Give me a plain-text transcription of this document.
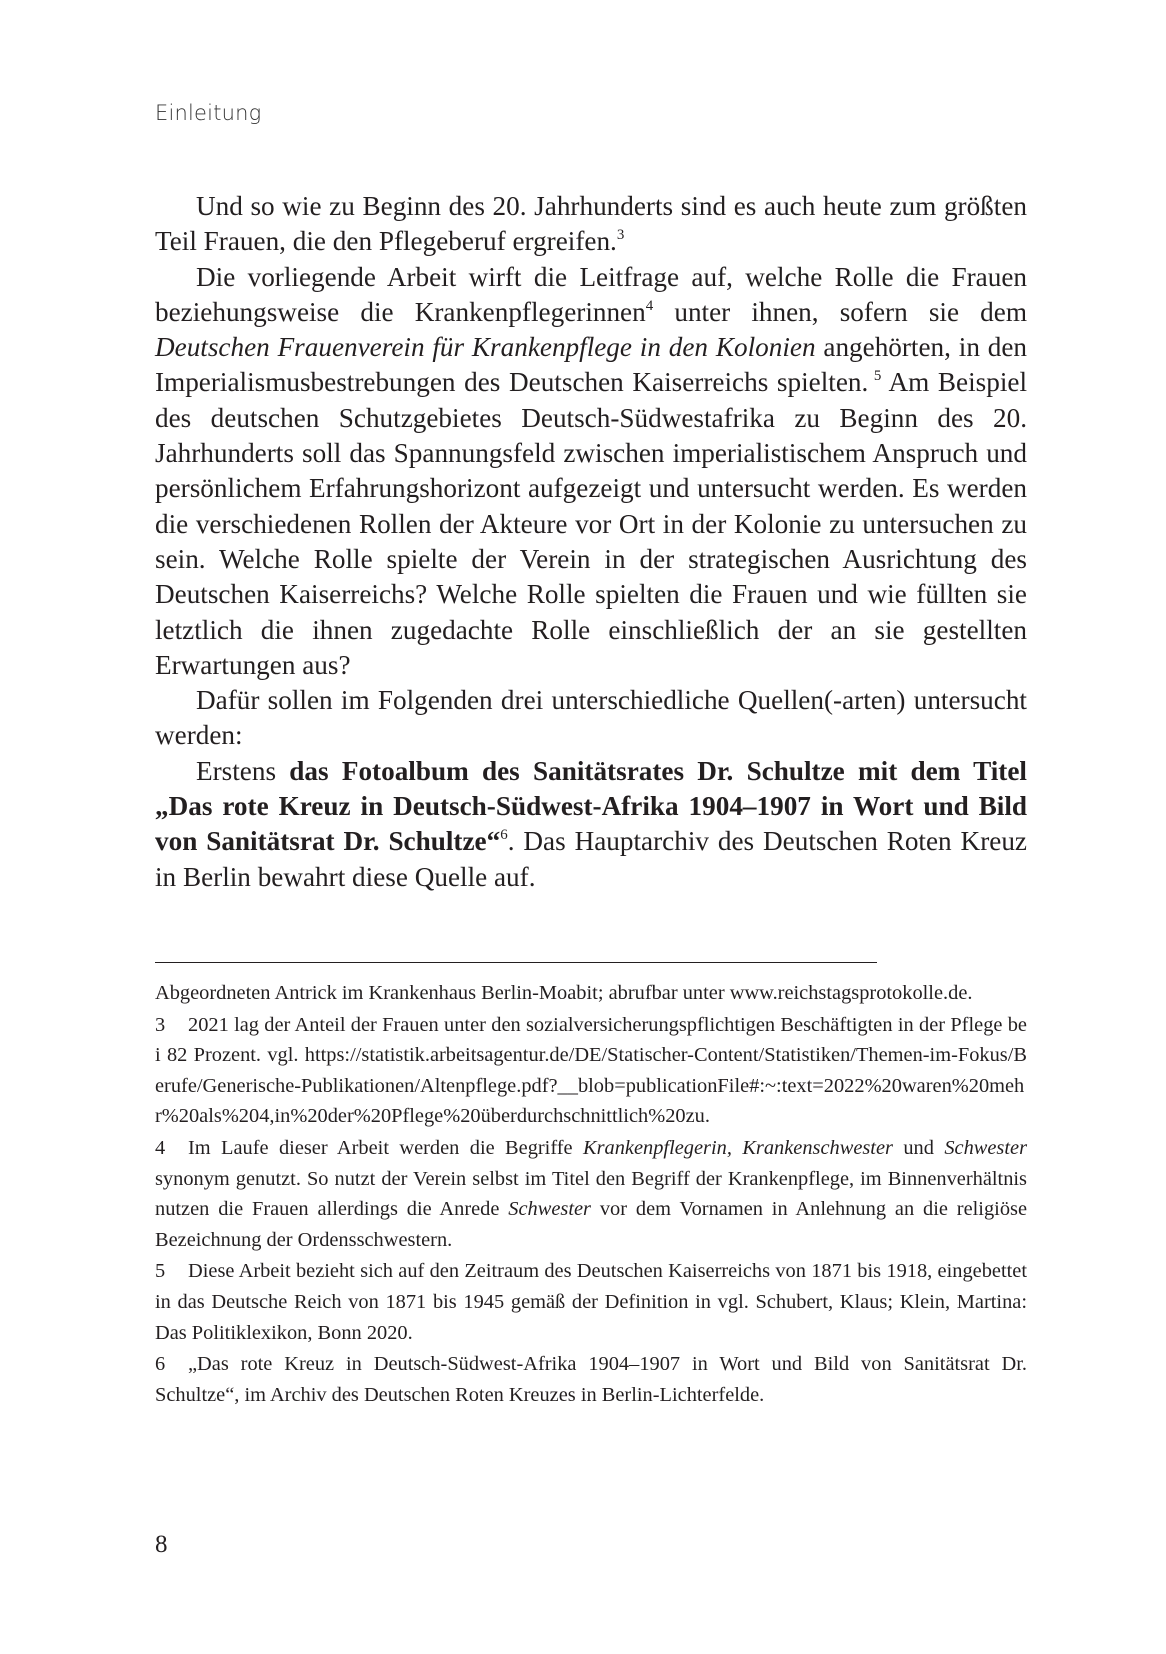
Einleitung

Und so wie zu Beginn des 20. Jahrhunderts sind es auch heute zum größten Teil Frauen, die den Pflegeberuf ergreifen.$^3$

Die vorliegende Arbeit wirft die Leitfrage auf, welche Rolle die Frauen beziehungsweise die Krankenpflegerinnen$^4$ unter ihnen, sofern sie dem Deutschen Frauenverein für Krankenpflege in den Kolonien angehörten, in den Imperialismusbestrebungen des Deutschen Kaiserreichs spielten. $^5$ Am Beispiel des deutschen Schutzgebietes Deutsch-Südwestafrika zu Beginn des 20. Jahrhunderts soll das Spannungsfeld zwischen imperialistischem Anspruch und persönlichem Erfahrungshorizont aufgezeigt und untersucht werden. Es werden die verschiedenen Rollen der Akteure vor Ort in der Kolonie zu untersuchen zu sein. Welche Rolle spielte der Verein in der strategischen Ausrichtung des Deutschen Kaiserreichs? Welche Rolle spielten die Frauen und wie füllten sie letztlich die ihnen zugedachte Rolle einschließlich der an sie gestellten Erwartungen aus?

Dafür sollen im Folgenden drei unterschiedliche Quellen(-arten) untersucht werden:

Erstens das Fotoalbum des Sanitätsrates Dr. Schultze mit dem Titel „Das rote Kreuz in Deutsch-Südwest-Afrika 1904–1907 in Wort und Bild von Sanitätsrat Dr. Schultze“$^6$. Das Hauptarchiv des Deutschen Roten Kreuz in Berlin bewahrt diese Quelle auf.

Abgeordneten Antrick im Krankenhaus Berlin-Moabit; abrufbar unter www.reichstagsprotokolle.de.

3 2021 lag der Anteil der Frauen unter den sozialversicherungspflichtigen Beschäftigten in der Pflege bei 82 Prozent. vgl. https://statistik.arbeitsagentur.de/DE/Statischer-Content/Statistiken/Themen-im-Fokus/Berufe/Generische-Publikationen/Altenpflege.pdf?__blob=publicationFile#:~:text=2022%20waren%20mehr%20als%204,in%20der%20Pflege%20überdurchschnittlich%20zu.

4 Im Laufe dieser Arbeit werden die Begriffe Krankenpflegerin, Krankenschwester und Schwester synonym genutzt. So nutzt der Verein selbst im Titel den Begriff der Krankenpflege, im Binnenverhältnis nutzen die Frauen allerdings die Anrede Schwester vor dem Vornamen in Anlehnung an die religiöse Bezeichnung der Ordensschwestern.

5 Diese Arbeit bezieht sich auf den Zeitraum des Deutschen Kaiserreichs von 1871 bis 1918, eingebettet in das Deutsche Reich von 1871 bis 1945 gemäß der Definition in vgl. Schubert, Klaus; Klein, Martina: Das Politiklexikon, Bonn 2020.

6 „Das rote Kreuz in Deutsch-Südwest-Afrika 1904–1907 in Wort und Bild von Sanitätsrat Dr. Schultze“, im Archiv des Deutschen Roten Kreuzes in Berlin-Lichterfelde.

8
